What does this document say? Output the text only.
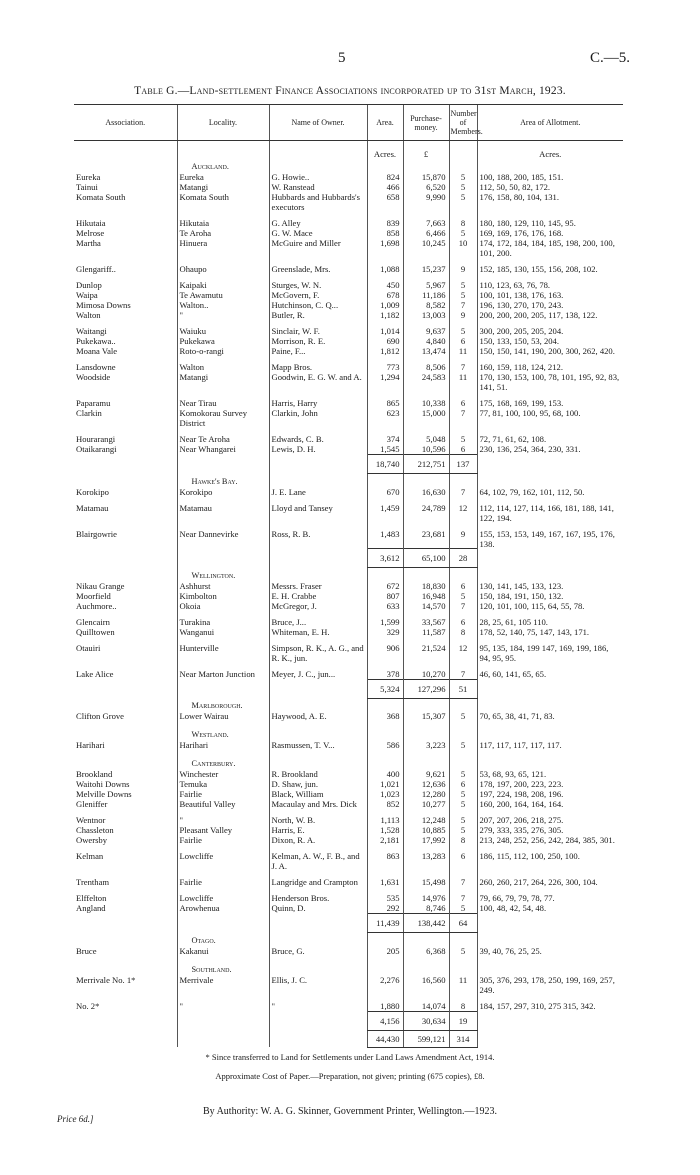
5	C.—5.
Table G.—Land-settlement Finance Associations incorporated up to 31st March, 1923.
Association.	Locality.	Name of Owner.	Area.	Purchase-money.	Number of Members.	Area of Allotment.
			Acres.	£		Acres.
	Auckland.					
Eureka	Eureka	G. Howie..	824	15,870	5	100, 188, 200, 185, 151.
Tainui	Matangi	W. Ranstead	466	6,520	5	112, 50, 50, 82, 172.
Komata South	Komata South	Hubbards and Hubbards's executors	658	9,990	5	176, 158, 80, 104, 131.

Hikutaia	Hikutaia	G. Alley	839	7,663	8	180, 180, 129, 110, 145, 95.
Melrose	Te Aroha	G. W. Mace	858	6,466	5	169, 169, 176, 176, 168.
Martha	Hinuera	McGuire and Miller	1,698	10,245	10	174, 172, 184, 184, 185, 198, 200, 100, 101, 200.

Glengariff..	Ohaupo	Greenslade, Mrs.	1,088	15,237	9	152, 185, 130, 155, 156, 208, 102.

Dunlop	Kaipaki	Sturges, W. N.	450	5,967	5	110, 123, 63, 76, 78.
Waipa	Te Awamutu	McGovern, F.	678	11,186	5	100, 101, 138, 176, 163.
Mimosa Downs	Walton..	Hutchinson, C. Q...	1,009	8,582	7	196, 130, 270, 170, 243.
Walton	"	Butler, R.	1,182	13,003	9	200, 200, 200, 205, 117, 138, 122.

Waitangi	Waiuku	Sinclair, W. F.	1,014	9,637	5	300, 200, 205, 205, 204.
Pukekawa..	Pukekawa	Morrison, R. E.	690	4,840	6	150, 133, 150, 53, 204.
Moana Vale	Roto-o-rangi	Paine, F...	1,812	13,474	11	150, 150, 141, 190, 200, 300, 262, 420.

Lansdowne	Walton	Mapp Bros.	773	8,506	7	160, 159, 118, 124, 212.
Woodside	Matangi	Goodwin, E. G. W. and A.	1,294	24,583	11	170, 130, 153, 100, 78, 101, 195, 92, 83, 141, 51.

Paparamu	Near Tirau	Harris, Harry	865	10,338	6	175, 168, 169, 199, 153.
Clarkin	Komokorau Survey District	Clarkin, John	623	15,000	7	77, 81, 100, 100, 95, 68, 100.

Hourarangi	Near Te Aroha	Edwards, C. B.	374	5,048	5	72, 71, 61, 62, 108.
Otaikarangi	Near Whangarei	Lewis, D. H.	1,545	10,596	6	230, 136, 254, 364, 230, 331.
			18,740	212,751	137	
	Hawke's Bay.					
Korokipo	Korokipo	J. E. Lane	670	16,630	7	64, 102, 79, 162, 101, 112, 50.

Matamau	Matamau	Lloyd and Tansey	1,459	24,789	12	112, 114, 127, 114, 166, 181, 188, 141, 122, 194.

Blairgowrie	Near Dannevirke	Ross, R. B.	1,483	23,681	9	155, 153, 153, 149, 167, 167, 195, 176, 138.
			3,612	65,100	28	
	Wellington.					
Nikau Grange	Ashhurst	Messrs. Fraser	672	18,830	6	130, 141, 145, 133, 123.
Moorfield	Kimbolton	E. H. Crabbe	807	16,948	5	150, 184, 191, 150, 132.
Auchmore..	Okoia	McGregor, J.	633	14,570	7	120, 101, 100, 115, 64, 55, 78.

Glencairn	Turakina	Bruce, J...	1,599	33,567	6	28, 25, 61, 105 110.
Quilltowen	Wanganui	Whiteman, E. H.	329	11,587	8	178, 52, 140, 75, 147, 143, 171.

Otauiri	Hunterville	Simpson, R. K., A. G., and R. K., jun.	906	21,524	12	95, 135, 184, 199 147, 169, 199, 186, 94, 95, 95.

Lake Alice	Near Marton Junction	Meyer, J. C., jun...	378	10,270	7	46, 60, 141, 65, 65.
			5,324	127,296	51	
	Marlborough.					
Clifton Grove	Lower Wairau	Haywood, A. E.	368	15,307	5	70, 65, 38, 41, 71, 83.

	Westland.					
Harihari	Harihari	Rasmussen, T. V...	586	3,223	5	117, 117, 117, 117, 117.

	Canterbury.					
Brookland	Winchester	R. Brookland	400	9,621	5	53, 68, 93, 65, 121.
Waitohi Downs	Temuka	D. Shaw, jun.	1,021	12,636	6	178, 197, 200, 223, 223.
Melville Downs	Fairlie	Black, William	1,023	12,280	5	197, 224, 198, 208, 196.
Gleniffer	Beautiful Valley	Macaulay and Mrs. Dick	852	10,277	5	160, 200, 164, 164, 164.

Wentnor	"	North, W. B.	1,113	12,248	5	207, 207, 206, 218, 275.
Chassleton	Pleasant Valley	Harris, E.	1,528	10,885	5	279, 333, 335, 276, 305.
Owersby	Fairlie	Dixon, R. A.	2,181	17,992	8	213, 248, 252, 256, 242, 284, 385, 301.

Kelman	Lowcliffe	Kelman, A. W., F. B., and J. A.	863	13,283	6	186, 115, 112, 100, 250, 100.

Trentham	Fairlie	Langridge and Crampton	1,631	15,498	7	260, 260, 217, 264, 226, 300, 104.

Elffelton	Lowcliffe	Henderson Bros.	535	14,976	7	79, 66, 79, 79, 78, 77.
Angland	Arowhenua	Quinn, D.	292	8,746	5	100, 48, 42, 54, 48.
			11,439	138,442	64	
	Otago.					
Bruce	Kakanui	Bruce, G.	205	6,368	5	39, 40, 76, 25, 25.

	Southland.					
Merrivale No. 1*	Merrivale	Ellis, J. C.	2,276	16,560	11	305, 376, 293, 178, 250, 199, 169, 257, 249.

No. 2*	"	"	1,880	14,074	8	184, 157, 297, 310, 275 315, 342.
			4,156	30,634	19	
			44,430	599,121	314	
* Since transferred to Land for Settlements under Land Laws Amendment Act, 1914.
Approximate Cost of Paper.—Preparation, not given; printing (675 copies), £8.
By Authority: W. A. G. Skinner, Government Printer, Wellington.—1923.
Price 6d.]
